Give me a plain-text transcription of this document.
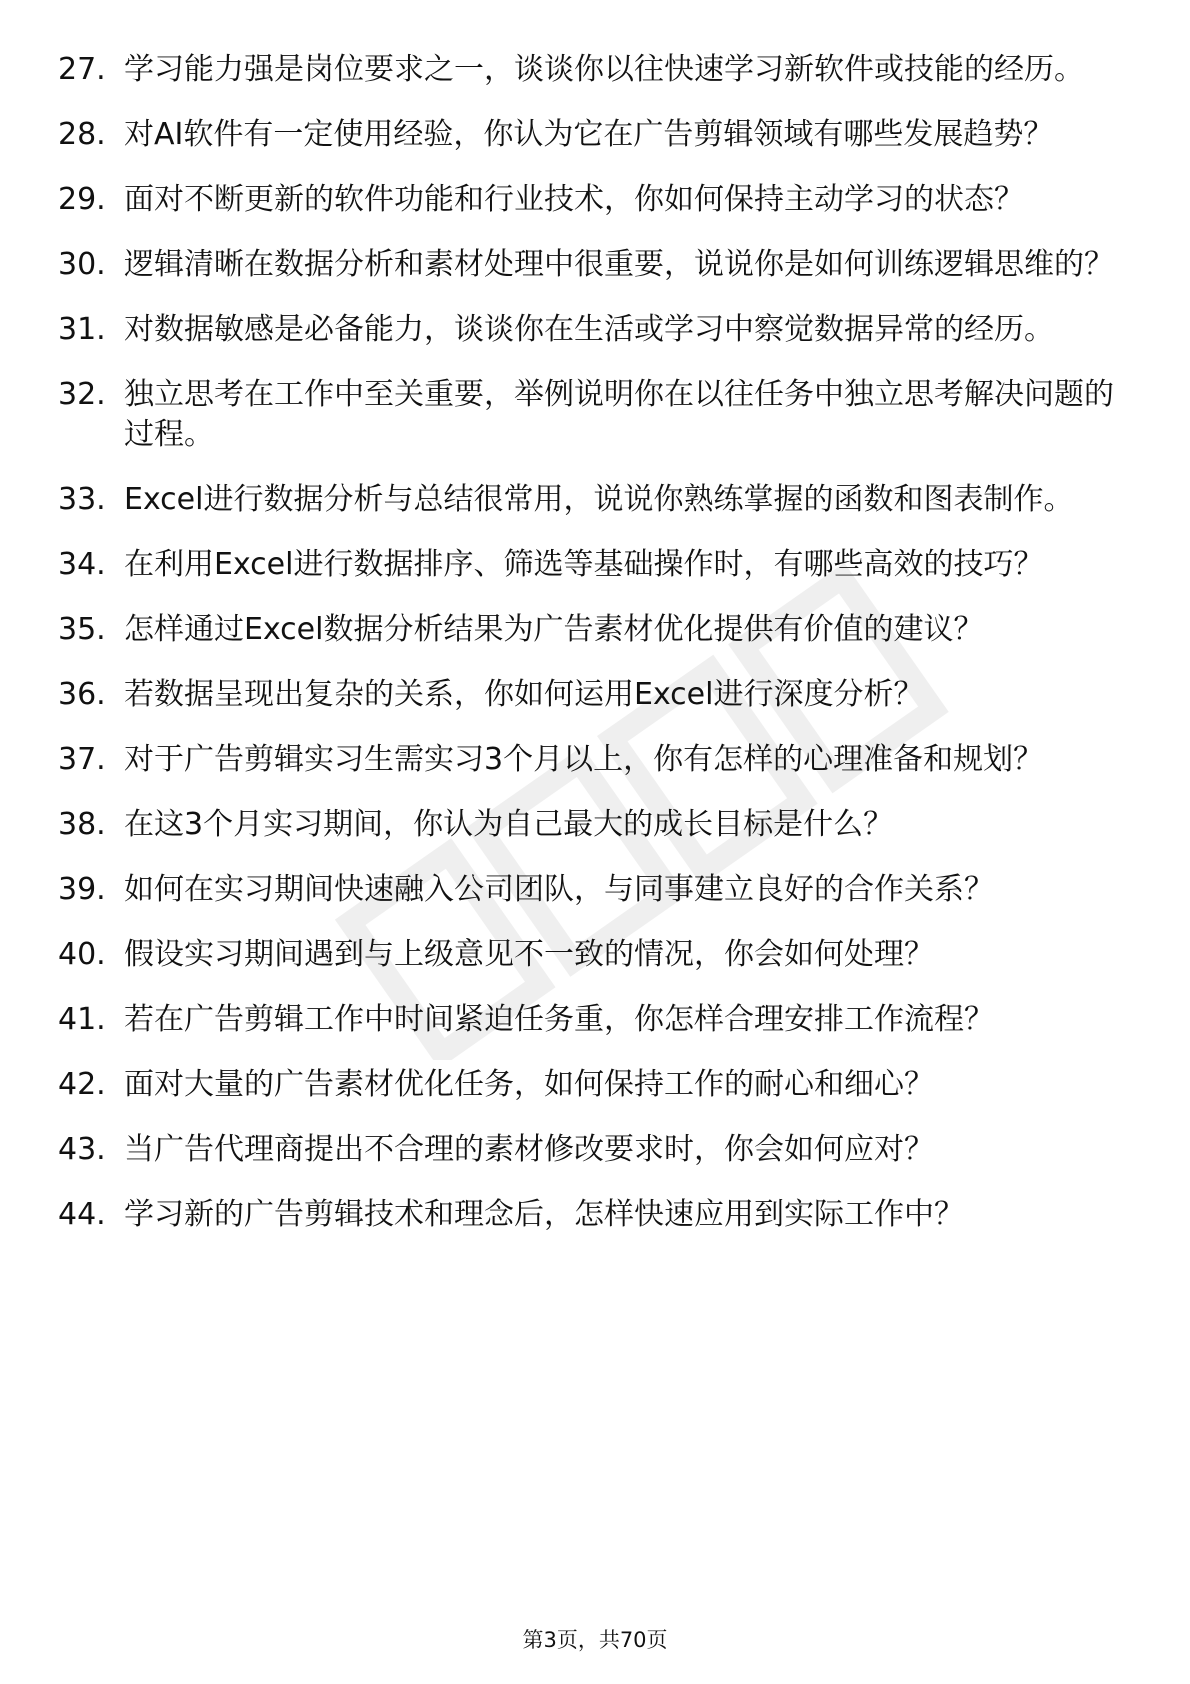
27. 学习能力强是岗位要求之一，谈谈你以往快速学习新软件或技能的经历。
28. 对AI软件有一定使用经验，你认为它在广告剪辑领域有哪些发展趋势？
29. 面对不断更新的软件功能和行业技术，你如何保持主动学习的状态？
30. 逻辑清晰在数据分析和素材处理中很重要，说说你是如何训练逻辑思维的？
31. 对数据敏感是必备能力，谈谈你在生活或学习中察觉数据异常的经历。
32. 独立思考在工作中至关重要，举例说明你在以往任务中独立思考解决问题的过程。
33. Excel进行数据分析与总结很常用，说说你熟练掌握的函数和图表制作。
34. 在利用Excel进行数据排序、筛选等基础操作时，有哪些高效的技巧？
35. 怎样通过Excel数据分析结果为广告素材优化提供有价值的建议？
36. 若数据呈现出复杂的关系，你如何运用Excel进行深度分析？
37. 对于广告剪辑实习生需实习3个月以上，你有怎样的心理准备和规划？
38. 在这3个月实习期间，你认为自己最大的成长目标是什么？
39. 如何在实习期间快速融入公司团队，与同事建立良好的合作关系？
40. 假设实习期间遇到与上级意见不一致的情况，你会如何处理？
41. 若在广告剪辑工作中时间紧迫任务重，你怎样合理安排工作流程？
42. 面对大量的广告素材优化任务，如何保持工作的耐心和细心？
43. 当广告代理商提出不合理的素材修改要求时，你会如何应对？
44. 学习新的广告剪辑技术和理念后，怎样快速应用到实际工作中？
第3页，共70页
